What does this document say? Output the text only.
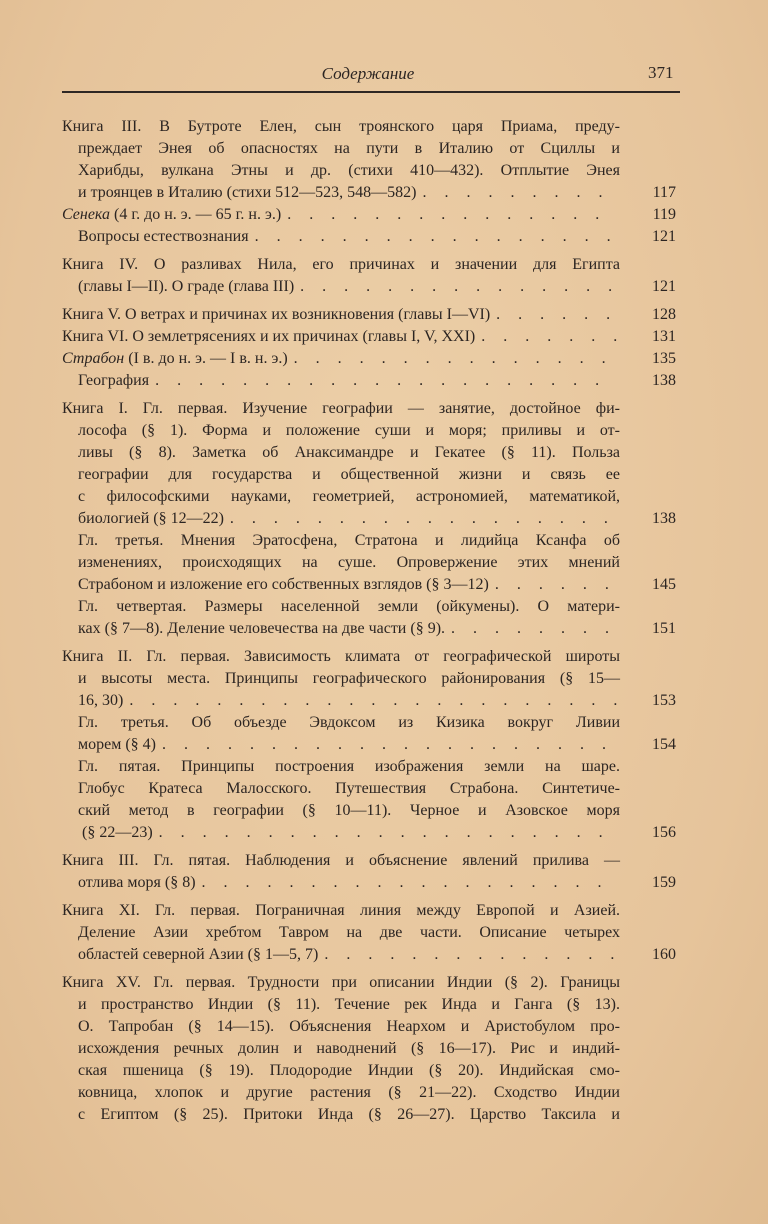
Содержание	371
Книга III. В Бутроте Елен, сын троянского царя Приама, преду-
преждает Энея об опасностях на пути в Италию от Сциллы и
Харибды, вулкана Этны и др. (стихи 410—432). Отплытие Энея
и троянцев в Италию (стихи 512—523, 548—582) . . .	117
Сенека (4 г. до н. э. — 65 г. н. э.) . . .	119
Вопросы естествознания . . .	121
Книга IV. О разливах Нила, его причинах и значении для Египта
(главы I—II). О граде (глава III) . . .	121
Книга V. О ветрах и причинах их возникновения (главы I—VI) . . .	128
Книга VI. О землетрясениях и их причинах (главы I, V, XXI) . . .	131
Страбон (I в. до н. э. — I в. н. э.) . . .	135
География . . .	138
Книга I. Гл. первая. Изучение географии — занятие, достойное фи-
лософа (§ 1). Форма и положение суши и моря; приливы и от-
ливы (§ 8). Заметка об Анаксимандре и Гекатее (§ 11). Польза
географии для государства и общественной жизни и связь ее
с философскими науками, геометрией, астрономией, математикой,
биологией (§ 12—22) . . .	138
Гл. третья. Мнения Эратосфена, Стратона и лидийца Ксанфа об
изменениях, происходящих на суше. Опровержение этих мнений
Страбоном и изложение его собственных взглядов (§ 3—12) . . .	145
Гл. четвертая. Размеры населенной земли (ойкумены). О матери-
ках (§ 7—8). Деление человечества на две части (§ 9). . . .	151
Книга II. Гл. первая. Зависимость климата от географической широты
и высоты места. Принципы географического районирования (§ 15—
16, 30) . . .	153
Гл. третья. Об объезде Эвдоксом из Кизика вокруг Ливии
морем (§ 4) . . .	154
Гл. пятая. Принципы построения изображения земли на шаре.
Глобус Кратеса Малосского. Путешествия Страбона. Синтетиче-
ский метод в географии (§ 10—11). Черное и Азовское моря
(§ 22—23) . . .	156
Книга III. Гл. пятая. Наблюдения и объяснение явлений прилива —
отлива моря (§ 8) . . .	159
Книга XI. Гл. первая. Пограничная линия между Европой и Азией.
Деление Азии хребтом Тавром на две части. Описание четырех
областей северной Азии (§ 1—5, 7) . . .	160
Книга XV. Гл. первая. Трудности при описании Индии (§ 2). Границы
и пространство Индии (§ 11). Течение рек Инда и Ганга (§ 13).
О. Тапробан (§ 14—15). Объяснения Неархом и Аристобулом про-
исхождения речных долин и наводнений (§ 16—17). Рис и индий-
ская пшеница (§ 19). Плодородие Индии (§ 20). Индийская смо-
ковница, хлопок и другие растения (§ 21—22). Сходство Индии
с Египтом (§ 25). Притоки Инда (§ 26—27). Царство Таксила и
